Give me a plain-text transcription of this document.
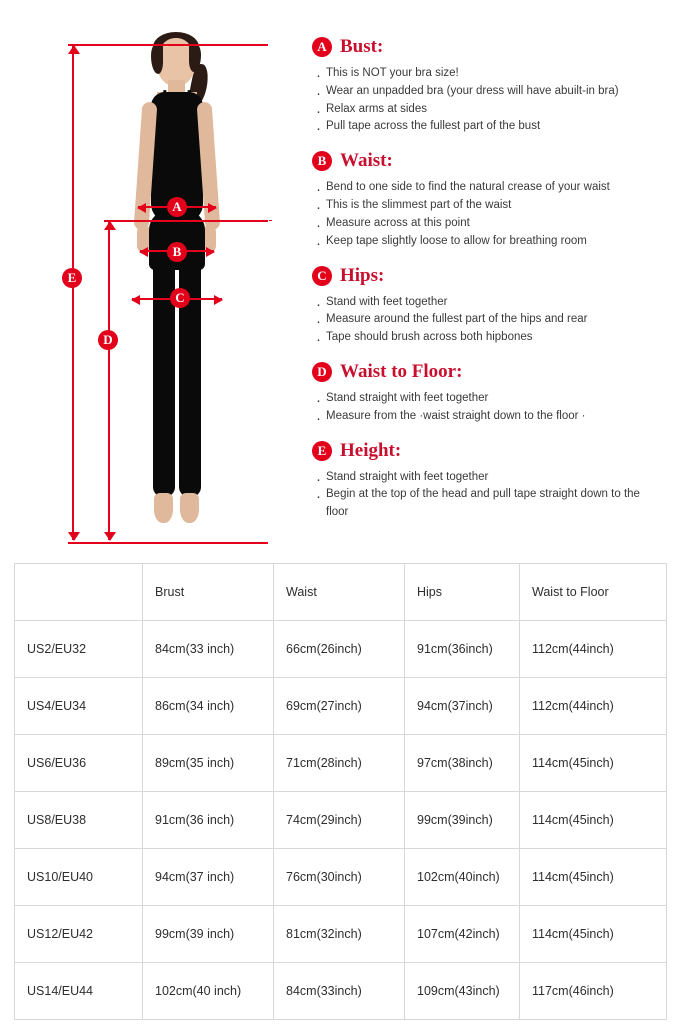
E
D
A
B
C
A Bust:
· This is NOT your bra size!
· Wear an unpadded bra (your dress will have abuilt-in bra)
· Relax arms at sides
· Pull tape across the fullest part of the bust
B Waist:
· Bend to one side to find the natural crease of your waist
· This is the slimmest part of the waist
· Measure across at this point
· Keep tape slightly loose to allow for breathing room
C Hips:
· Stand with feet together
· Measure around the fullest part of the hips and rear
· Tape should brush across both hipbones
D Waist to Floor:
· Stand straight with feet together
· Measure from the ·waist straight down to the floor ·
E Height:
· Stand straight with feet together
· Begin at the top of the head and pull tape straight down to the floor
	Brust	Waist	Hips	Waist to Floor
US2/EU32	84cm(33 inch)	66cm(26inch)	91cm(36inch)	112cm(44inch)
US4/EU34	86cm(34 inch)	69cm(27inch)	94cm(37inch)	112cm(44inch)
US6/EU36	89cm(35 inch)	71cm(28inch)	97cm(38inch)	114cm(45inch)
US8/EU38	91cm(36 inch)	74cm(29inch)	99cm(39inch)	114cm(45inch)
US10/EU40	94cm(37 inch)	76cm(30inch)	102cm(40inch)	114cm(45inch)
US12/EU42	99cm(39 inch)	81cm(32inch)	107cm(42inch)	114cm(45inch)
US14/EU44	102cm(40 inch)	84cm(33inch)	109cm(43inch)	117cm(46inch)
